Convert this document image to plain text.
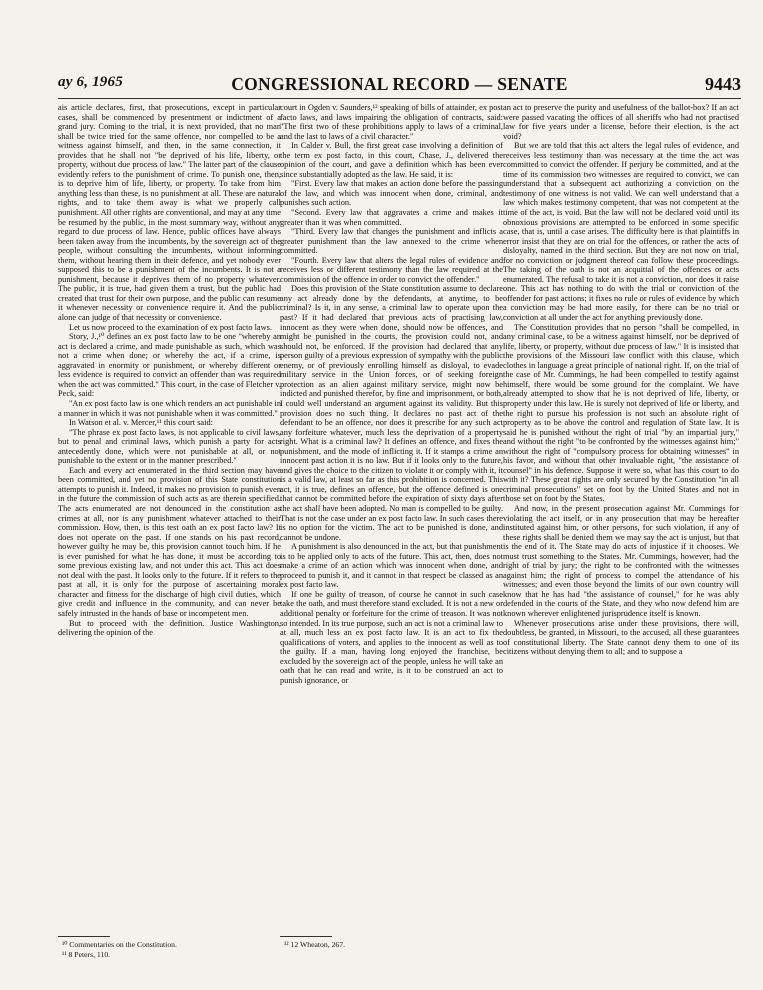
ay 6, 1965	CONGRESSIONAL RECORD — SENATE	9443

ais article declares, first, that prosecutions, except in particular cases, shall be commenced by presentment or indictment of a grand jury. Coming to the trial, it is next provided, that no man shall be twice tried for the same offence, nor compelled to be a witness against himself, and then, in the same connection, it provides that he shall not "be deprived of his life, liberty, or property, without due process of law." The latter part of the clause evidently refers to the punishment of crime. To punish one, then, is to deprive him of life, liberty, or property. To take from him anything less than these, is no punishment at all. These are natural rights, and to take them away is what we properly call punishment. All other rights are conventional, and may at any time be resumed by the public, in the most summary way, without any regard to due process of law. Hence, public offices have always been taken away from the incumbents, by the sovereign act of the people, without consulting the incumbents, without informing them, without hearing them in their defence, and yet nobody ever supposed this to be a punishment of the incumbents. It is not a punishment, because it deprives them of no property whatever. The public, it is true, had given them a trust, but the public had created that trust for their own purpose, and the public can resume it whenever necessity or convenience require it. And the public alone can judge of that necessity or convenience.

Let us now proceed to the examination of ex post facto laws.

Story, J.,¹⁰ defines an ex post facto law to be one "whereby an act is declared a crime, and made punishable as such, which was not a crime when done; or whereby the act, if a crime, is aggravated in enormity or punishment, or whereby different or less evidence is required to convict an offender than was required when the act was committed." This court, in the case of Fletcher v. Peck, said:

"An ex post facto law is one which renders an act punishable in a manner in which it was not punishable when it was committed."

In Watson et al. v. Mercer,¹¹ this court said:

"The phrase ex post facto laws, is not applicable to civil laws, but to penal and criminal laws, which punish a party for acts antecedently done, which were not punishable at all, or not punishable to the extent or in the manner prescribed."

Each and every act enumerated in the third section may have been committed, and yet no provision of this State constitution attempts to punish it. Indeed, it makes no provision to punish even in the future the commission of such acts as are therein specified. The acts enumerated are not denounced in the constitution as crimes at all, nor is any punishment whatever attached to their commission. How, then, is this test oath an ex post facto law? It does not operate on the past. If one stands on his past record, however guilty he may be, this provision cannot touch him. If he is ever punished for what he has done, it must be according to some previous existing law, and not under this act. This act does not deal with the past. It looks only to the future. If it refers to the past at all, it is only for the purpose of ascertaining moral character and fitness for the discharge of high civil duties, which give credit and influence in the community, and can never be safely intrusted in the hands of base or incompetent men.

But to proceed with the definition. Justice Washington, delivering the opinion of the

court in Ogden v. Saunders,¹² speaking of bills of attainder, ex post facto laws, and laws impairing the obligation of contracts, said: "The first two of these prohibitions apply to laws of a criminal, and the last to laws of a civil character."

In Calder v. Bull, the first great case involving a definition of the term ex post facto, in this court, Chase, J., delivered the opinion of the court, and gave a definition which has been ever since substantially adopted as the law. He said, it is:

"First. Every law that makes an action done before the passing of the law, and which was innocent when done, criminal, and punishes such action.

"Second. Every law that aggravates a crime and makes it greater than it was when committed.

"Third. Every law that changes the punishment and inflicts a greater punishment than the law annexed to the crime when committed.

"Fourth. Every law that alters the legal rules of evidence and receives less or different testimony than the law required at the commission of the offence in order to convict the offender."

Does this provision of the State constitution assume to declare any act already done by the defendants, at anytime, to be criminal? Is it, in any sense, a criminal law to operate upon the past? If it had declared that previous acts of practising law, innocent as they were when done, should now be offences, and might be punished in the courts, the provision could not, and should not, be enforced. If the provision had declared that any person guilty of a previous expression of sympathy with the public enemy, or of previously enrolling himself as disloyal, to evade military service in the Union forces, or of seeking foreign protection as an alien against military service, might now be indicted and punished therefor, by fine and imprisonment, or both, I could well understand an argument against its validity. But this provision does no such thing. It declares no past act of the defendant to be an offence, nor does it prescribe for any such act any forfeiture whatever, much less the deprivation of a property right. What is a criminal law? It defines an offence, and fixes the punishment, and the mode of inflicting it. If it stamps a crime an innocent past action it is no law. But if it looks only to the future, and gives the choice to the citizen to violate it or comply with it, it is a valid law, at least so far as this prohibition is concerned. This act, it is true, defines an offence, but the offence defined is one that cannot be committed before the expiration of sixty days after the act shall have been adopted. No man is compelled to be guilty. That is not the case under an ex post facto law. In such cases there is no option for the victim. The act to be punished is done, and cannot be undone.

A punishment is also denounced in the act, but that punishment is to be applied only to acts of the future. This act, then, does not make a crime of an action which was innocent when done, and proceed to punish it, and it cannot in that respect be classed as an ex post facto law.

If one be guilty of treason, of course he cannot in such case take the oath, and must therefore stand excluded. It is not a new or additional penalty or forfeiture for the crime of treason. It was not so intended. In its true purpose, such an act is not a criminal law to at all, much less an ex post facto law. It is an act to fix the qualifications of voters, and applies to the innocent as well as to the guilty. If a man, having long enjoyed the franchise, be excluded by the sovereign act of the people, unless he will take an oath that he can read and write, is it to be construed an act to punish ignorance, or

an act to preserve the purity and usefulness of the ballot-box? If an act were passed vacating the offices of all sheriffs who had not practised law for five years under a license, before their election, is the act void?

But we are told that this act alters the legal rules of evidence, and receives less testimony than was necessary at the time the act was committed to convict the offender. If perjury be committed, and at the time of its commission two witnesses are required to convict, we can understand that a subsequent act authorizing a conviction on the testimony of one witness is not valid. We can well understand that a law which makes testimony competent, that was not competent at the time of the act, is void. But the law will not be declared void until its obnoxious provisions are attempted to be enforced in some specific case, that is, until a case arises. The difficulty here is that plaintiffs in error insist that they are on trial for the offences, or rather the acts of disloyalty, named in the third section. But they are not now on trial, for no conviction or judgment thereof can follow these proceedings. The taking of the oath is not an acquittal of the offences or acts enumerated. The refusal to take it is not a conviction, nor does it raise one. This act has nothing to do with the trial or conviction of the offender for past actions; it fixes no rule or rules of evidence by which a conviction may be had more easily, for there can be no trial or conviction at all under the act for anything previously done.

The Constitution provides that no person "shall be compelled, in any criminal case, to be a witness against himself, nor be deprived of life, liberty, or property, without due process of law." It is insisted that the provisions of the Missouri law conflict with this clause, which clothes in language a great principle of national right. If, on the trial of the case of Mr. Cummings, he had been compelled to testify against himself, there would be some ground for the complaint. We have already attempted to show that he is not deprived of life, liberty, or property under this law. He is surely not deprived of life or liberty, and the right to pursue his profession is not such an absolute right of property as to be above the control and regulation of State law. It is said he is punished without the right of trial "by an impartial jury," and without the right "to be confronted by the witnesses against him;" without the right of "compulsory process for obtaining witnesses" in his favor, and without that other invaluable right, "the assistance of counsel" in his defence. Suppose it were so, what has this court to do with it? These great rights are only secured by the Constitution "in all criminal prosecutions" set on foot by the United States and not in those set on foot by the States.

And now, in the present prosecution against Mr. Cummings for violating the act itself, or in any prosecution that may be hereafter instituted against him, or other persons, for such violation, if any of these rights shall be denied them we may say the act is unjust, but that is the end of it. The State may do acts of injustice if it chooses. We must trust something to the States. Mr. Cummings, however, had the right of trial by jury; the right to be confronted with the witnesses against him; the right of process to compel the attendance of his witnesses; and even those beyond the limits of our own country will know that he has had "the assistance of counsel," for he was ably defended in the courts of the State, and they who now defend him are known wherever enlightened jurisprudence itself is known.

Whenever prosecutions arise under these provisions, there will, doubtless, be granted, in Missouri, to the accused, all these guarantees of constitutional liberty. The State cannot deny them to one of its citizens without denying them to all; and to suppose a

¹⁰ Commentaries on the Constitution.
¹¹ 8 Peters, 110.
¹² 12 Wheaton, 267.
